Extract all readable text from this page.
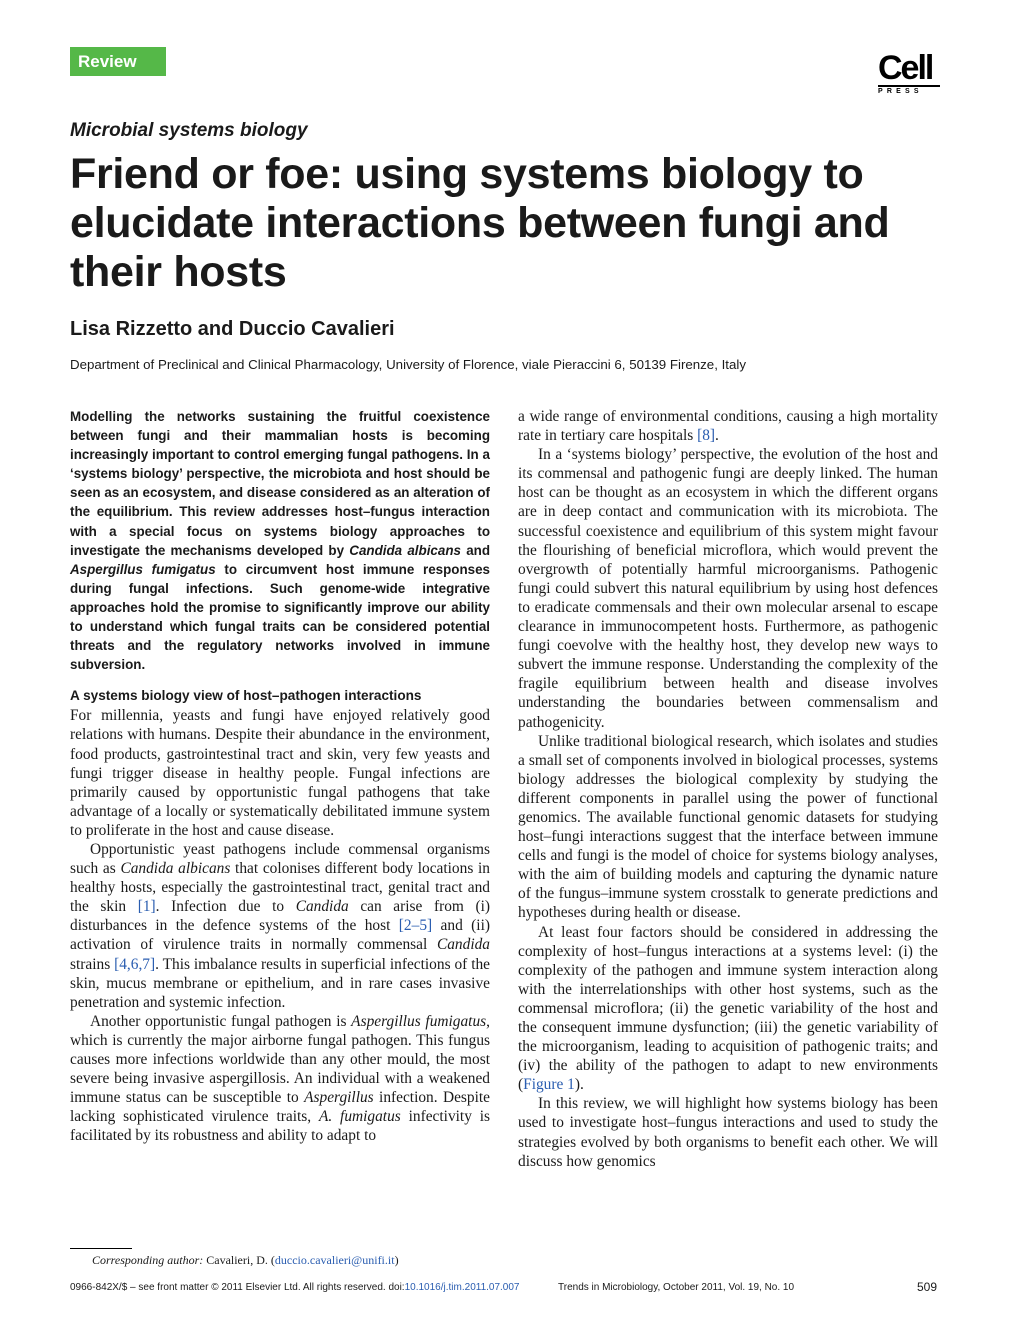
Review	Cell
PRESS
Microbial systems biology
Friend or foe: using systems biology to elucidate interactions between fungi and their hosts
Lisa Rizzetto and Duccio Cavalieri
Department of Preclinical and Clinical Pharmacology, University of Florence, viale Pieraccini 6, 50139 Firenze, Italy

Modelling the networks sustaining the fruitful coexistence between fungi and their mammalian hosts is becoming increasingly important to control emerging fungal pathogens. In a ‘systems biology’ perspective, the microbiota and host should be seen as an ecosystem, and disease considered as an alteration of the equilibrium. This review addresses host–fungus interaction with a special focus on systems biology approaches to investigate the mechanisms developed by Candida albicans and Aspergillus fumigatus to circumvent host immune responses during fungal infections. Such genome-wide integrative approaches hold the promise to significantly improve our ability to understand which fungal traits can be considered potential threats and the regulatory networks involved in immune subversion.

A systems biology view of host–pathogen interactions

For millennia, yeasts and fungi have enjoyed relatively good relations with humans. Despite their abundance in the environment, food products, gastrointestinal tract and skin, very few yeasts and fungi trigger disease in healthy people. Fungal infections are primarily caused by opportunistic fungal pathogens that take advantage of a locally or systematically debilitated immune system to proliferate in the host and cause disease.

Opportunistic yeast pathogens include commensal organisms such as Candida albicans that colonises different body locations in healthy hosts, especially the gastrointestinal tract, genital tract and the skin [1]. Infection due to Candida can arise from (i) disturbances in the defence systems of the host [2–5] and (ii) activation of virulence traits in normally commensal Candida strains [4,6,7]. This imbalance results in superficial infections of the skin, mucus membrane or epithelium, and in rare cases invasive penetration and systemic infection.

Another opportunistic fungal pathogen is Aspergillus fumigatus, which is currently the major airborne fungal pathogen. This fungus causes more infections worldwide than any other mould, the most severe being invasive aspergillosis. An individual with a weakened immune status can be susceptible to Aspergillus infection. Despite lacking sophisticated virulence traits, A. fumigatus infectivity is facilitated by its robustness and ability to adapt to

a wide range of environmental conditions, causing a high mortality rate in tertiary care hospitals [8].

In a ‘systems biology’ perspective, the evolution of the host and its commensal and pathogenic fungi are deeply linked. The human host can be thought as an ecosystem in which the different organs are in deep contact and communication with its microbiota. The successful coexistence and equilibrium of this system might favour the flourishing of beneficial microflora, which would prevent the overgrowth of potentially harmful microorganisms. Pathogenic fungi could subvert this natural equilibrium by using host defences to eradicate commensals and their own molecular arsenal to escape clearance in immunocompetent hosts. Furthermore, as pathogenic fungi coevolve with the healthy host, they develop new ways to subvert the immune response. Understanding the complexity of the fragile equilibrium between health and disease involves understanding the boundaries between commensalism and pathogenicity.

Unlike traditional biological research, which isolates and studies a small set of components involved in biological processes, systems biology addresses the biological complexity by studying the different components in parallel using the power of functional genomics. The available functional genomic datasets for studying host–fungi interactions suggest that the interface between immune cells and fungi is the model of choice for systems biology analyses, with the aim of building models and capturing the dynamic nature of the fungus–immune system crosstalk to generate predictions and hypotheses during health or disease.

At least four factors should be considered in addressing the complexity of host–fungus interactions at a systems level: (i) the complexity of the pathogen and immune system interaction along with the interrelationships with other host systems, such as the commensal microflora; (ii) the genetic variability of the host and the consequent immune dysfunction; (iii) the genetic variability of the microorganism, leading to acquisition of pathogenic traits; and (iv) the ability of the pathogen to adapt to new environments (Figure 1).

In this review, we will highlight how systems biology has been used to investigate host–fungus interactions and used to study the strategies evolved by both organisms to benefit each other. We will discuss how genomics

Corresponding author: Cavalieri, D. (duccio.cavalieri@unifi.it)
0966-842X/$ – see front matter © 2011 Elsevier Ltd. All rights reserved. doi:10.1016/j.tim.2011.07.007	Trends in Microbiology, October 2011, Vol. 19, No. 10	509
